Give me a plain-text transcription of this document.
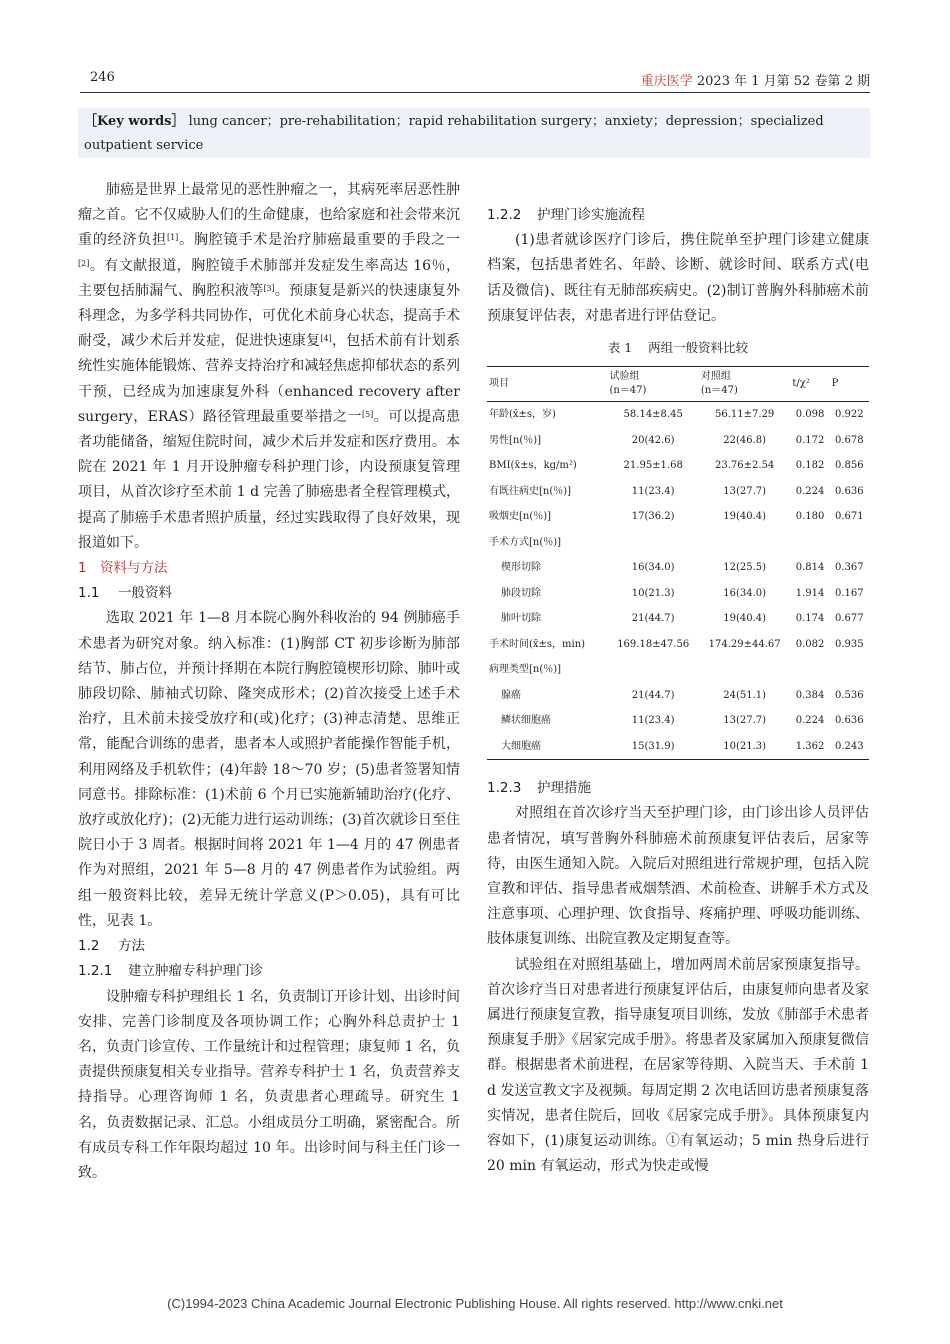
246	重庆医学 2023 年 1 月第 52 卷第 2 期
［Key words］ lung cancer；pre-rehabilitation；rapid rehabilitation surgery；anxiety；depression；specialized outpatient service

肺癌是世界上最常见的恶性肿瘤之一，其病死率居恶性肿瘤之首。它不仅威胁人们的生命健康，也给家庭和社会带来沉重的经济负担[1]。胸腔镜手术是治疗肺癌最重要的手段之一[2]。有文献报道，胸腔镜手术肺部并发症发生率高达 16％，主要包括肺漏气、胸腔积液等[3]。预康复是新兴的快速康复外科理念，为多学科共同协作，可优化术前身心状态，提高手术耐受，减少术后并发症，促进快速康复[4]，包括术前有计划系统性实施体能锻炼、营养支持治疗和减轻焦虑抑郁状态的系列干预，已经成为加速康复外科（enhanced recovery after surgery，ERAS）路径管理最重要举措之一[5]。可以提高患者功能储备，缩短住院时间，减少术后并发症和医疗费用。本院在 2021 年 1 月开设肿瘤专科护理门诊，内设预康复管理项目，从首次诊疗至术前 1 d 完善了肺癌患者全程管理模式，提高了肺癌手术患者照护质量，经过实践取得了良好效果，现报道如下。

1 资料与方法

1.1 一般资料

选取 2021 年 1—8 月本院心胸外科收治的 94 例肺癌手术患者为研究对象。纳入标准：(1)胸部 CT 初步诊断为肺部结节、肺占位，并预计择期在本院行胸腔镜楔形切除、肺叶或肺段切除、肺袖式切除、隆突成形术；(2)首次接受上述手术治疗，且术前未接受放疗和(或)化疗；(3)神志清楚、思维正常，能配合训练的患者，患者本人或照护者能操作智能手机，利用网络及手机软件；(4)年龄 18～70 岁；(5)患者签署知情同意书。排除标准：(1)术前 6 个月已实施新辅助治疗(化疗、放疗或放化疗)；(2)无能力进行运动训练；(3)首次就诊日至住院日小于 3 周者。根据时间将 2021 年 1—4 月的 47 例患者作为对照组，2021 年 5—8 月的 47 例患者作为试验组。两组一般资料比较，差异无统计学意义(P＞0.05)，具有可比性，见表 1。

1.2 方法

1.2.1 建立肿瘤专科护理门诊

设肿瘤专科护理组长 1 名，负责制订开诊计划、出诊时间安排、完善门诊制度及各项协调工作；心胸外科总责护士 1 名，负责门诊宣传、工作量统计和过程管理；康复师 1 名，负责提供预康复相关专业指导。营养专科护士 1 名，负责营养支持指导。心理咨询师 1 名，负责患者心理疏导。研究生 1 名，负责数据记录、汇总。小组成员分工明确，紧密配合。所有成员专科工作年限均超过 10 年。出诊时间与科主任门诊一致。

1.2.2 护理门诊实施流程

(1)患者就诊医疗门诊后，携住院单至护理门诊建立健康档案，包括患者姓名、年龄、诊断、就诊时间、联系方式(电话及微信)、既往有无肺部疾病史。(2)制订普胸外科肺癌术前预康复评估表，对患者进行评估登记。

表 1 两组一般资料比较

项目	试验组
(n＝47)	对照组
(n＝47)	t/χ²	P
年龄(x̄±s，岁)	58.14±8.45	56.11±7.29	0.098	0.922
男性[n(％)]	20(42.6)	22(46.8)	0.172	0.678
BMI(x̄±s，kg/m²)	21.95±1.68	23.76±2.54	0.182	0.856
有既往病史[n(％)]	11(23.4)	13(27.7)	0.224	0.636
吸烟史[n(％)]	17(36.2)	19(40.4)	0.180	0.671
手术方式[n(％)]				
楔形切除	16(34.0)	12(25.5)	0.814	0.367
肺段切除	10(21.3)	16(34.0)	1.914	0.167
肺叶切除	21(44.7)	19(40.4)	0.174	0.677
手术时间(x̄±s，min)	169.18±47.56	174.29±44.67	0.082	0.935
病理类型[n(％)]				
腺癌	21(44.7)	24(51.1)	0.384	0.536
鳞状细胞癌	11(23.4)	13(27.7)	0.224	0.636
大细胞癌	15(31.9)	10(21.3)	1.362	0.243

1.2.3 护理措施

对照组在首次诊疗当天至护理门诊，由门诊出诊人员评估患者情况，填写普胸外科肺癌术前预康复评估表后，居家等待，由医生通知入院。入院后对照组进行常规护理，包括入院宣教和评估、指导患者戒烟禁酒、术前检查、讲解手术方式及注意事项、心理护理、饮食指导、疼痛护理、呼吸功能训练、肢体康复训练、出院宣教及定期复查等。

试验组在对照组基础上，增加两周术前居家预康复指导。首次诊疗当日对患者进行预康复评估后，由康复师向患者及家属进行预康复宣教，指导康复项目训练，发放《肺部手术患者预康复手册》《居家完成手册》。将患者及家属加入预康复微信群。根据患者术前进程，在居家等待期、入院当天、手术前 1 d 发送宣教文字及视频。每周定期 2 次电话回访患者预康复落实情况，患者住院后，回收《居家完成手册》。具体预康复内容如下，(1)康复运动训练。①有氧运动；5 min 热身后进行 20 min 有氧运动，形式为快走或慢

(C)1994-2023 China Academic Journal Electronic Publishing House. All rights reserved. http://www.cnki.net
